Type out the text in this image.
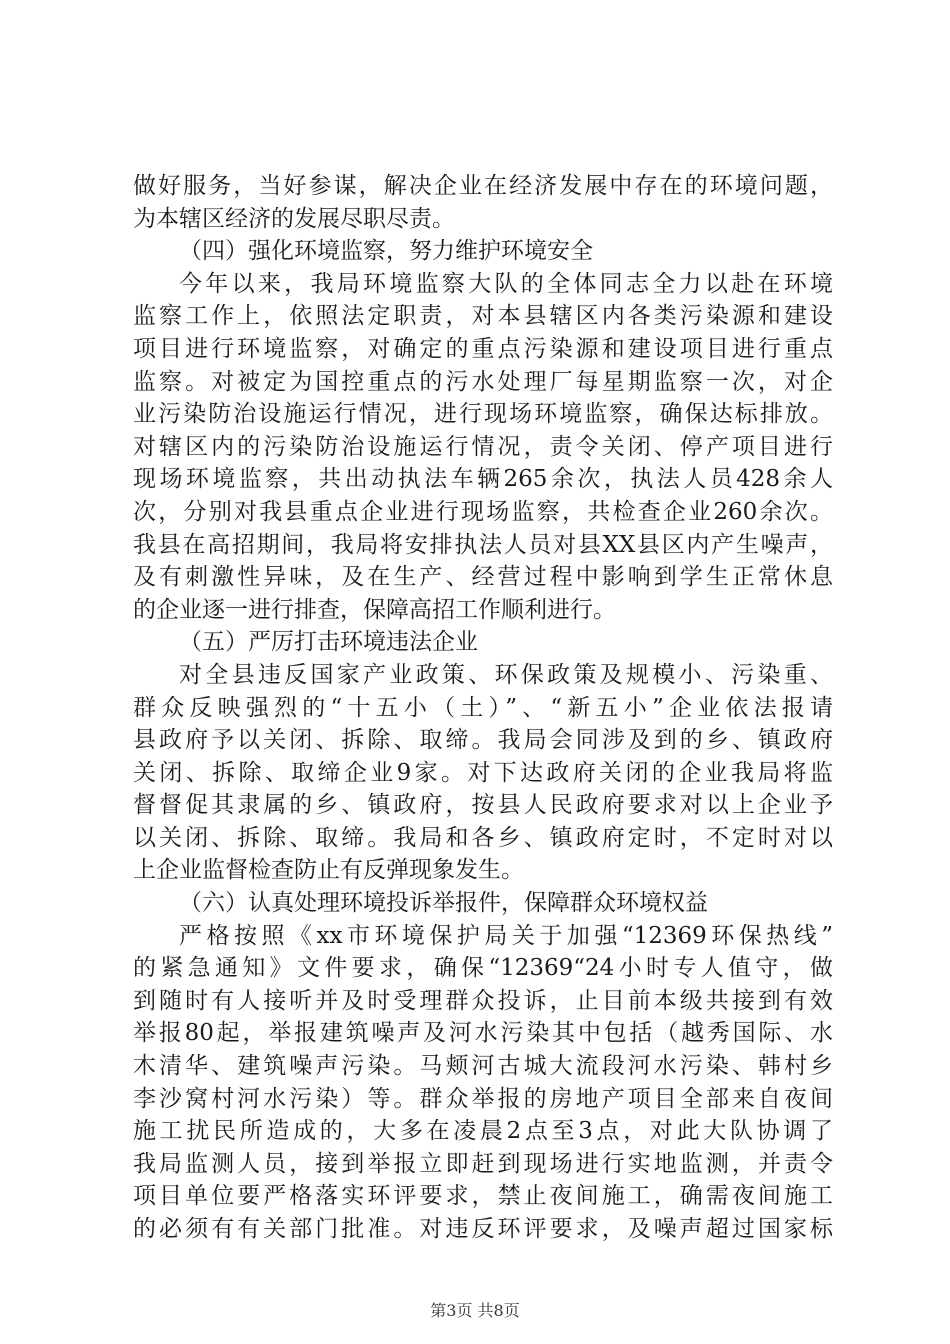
做好服务，当好参谋，解决企业在经济发展中存在的环境问题，
为本辖区经济的发展尽职尽责。
（四）强化环境监察，努力维护环境安全
今年以来，我局环境监察大队的全体同志全力以赴在环境
监察工作上，依照法定职责，对本县辖区内各类污染源和建设
项目进行环境监察，对确定的重点污染源和建设项目进行重点
监察。对被定为国控重点的污水处理厂每星期监察一次，对企
业污染防治设施运行情况，进行现场环境监察，确保达标排放。
对辖区内的污染防治设施运行情况，责令关闭、停产项目进行
现场环境监察，共出动执法车辆265余次，执法人员428余人
次，分别对我县重点企业进行现场监察，共检查企业260余次。
我县在高招期间，我局将安排执法人员对县XX县区内产生噪声，
及有刺激性异味，及在生产、经营过程中影响到学生正常休息
的企业逐一进行排查，保障高招工作顺利进行。
（五）严厉打击环境违法企业
对全县违反国家产业政策、环保政策及规模小、污染重、
群众反映强烈的“十五小（土）”、“新五小”企业依法报请
县政府予以关闭、拆除、取缔。我局会同涉及到的乡、镇政府
关闭、拆除、取缔企业9家。对下达政府关闭的企业我局将监
督督促其隶属的乡、镇政府，按县人民政府要求对以上企业予
以关闭、拆除、取缔。我局和各乡、镇政府定时，不定时对以
上企业监督检查防止有反弹现象发生。
（六）认真处理环境投诉举报件，保障群众环境权益
严格按照《xx市环境保护局关于加强“12369环保热线”
的紧急通知》文件要求，确保“12369“24小时专人值守，做
到随时有人接听并及时受理群众投诉，止目前本级共接到有效
举报80起，举报建筑噪声及河水污染其中包括（越秀国际、水
木清华、建筑噪声污染。马颊河古城大流段河水污染、韩村乡
李沙窝村河水污染）等。群众举报的房地产项目全部来自夜间
施工扰民所造成的，大多在凌晨2点至3点，对此大队协调了
我局监测人员，接到举报立即赶到现场进行实地监测，并责令
项目单位要严格落实环评要求，禁止夜间施工，确需夜间施工
的必须有有关部门批准。对违反环评要求，及噪声超过国家标
第3页 共8页
